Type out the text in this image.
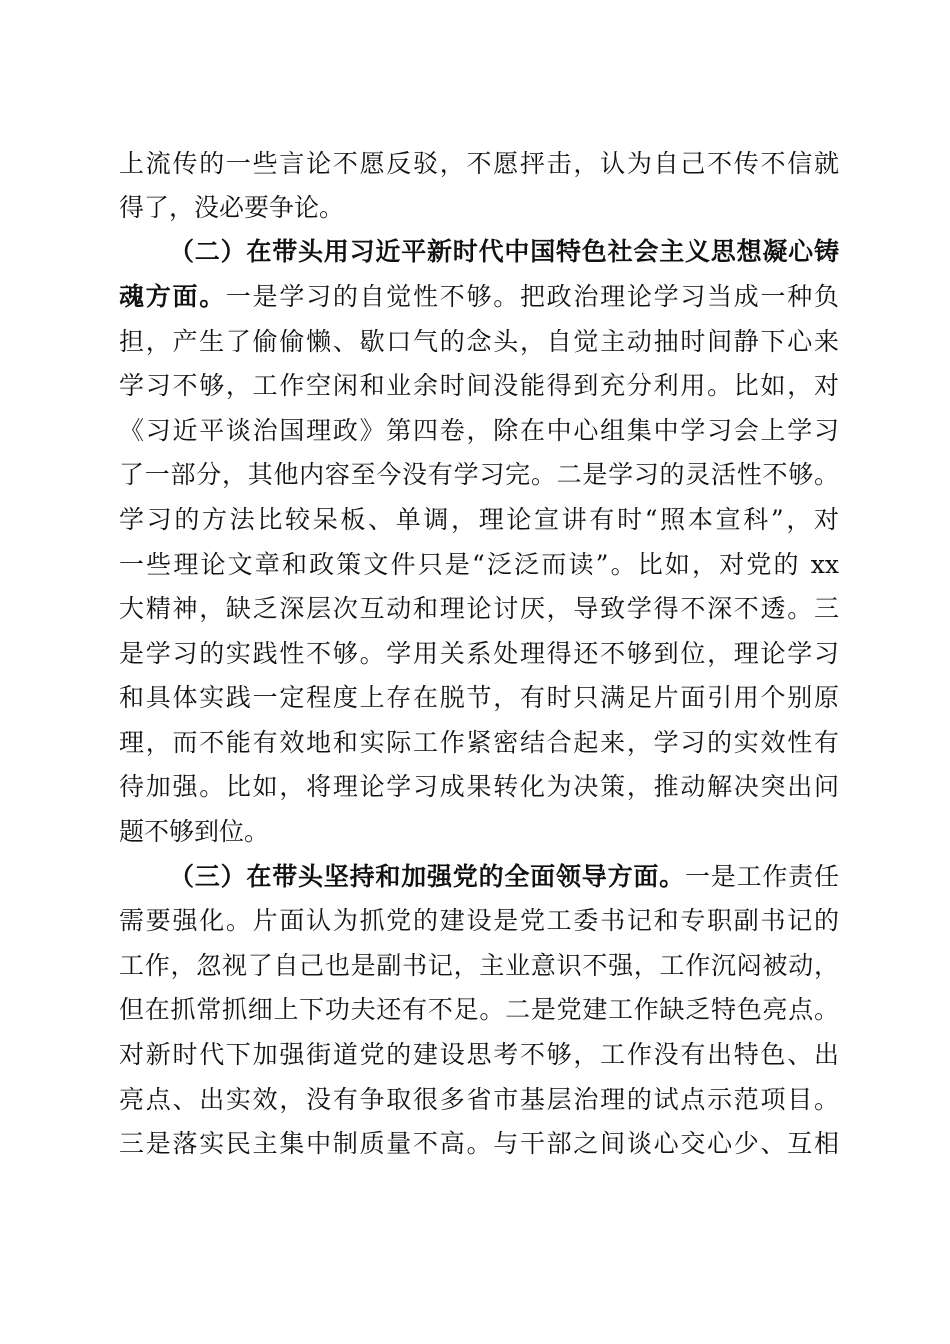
上流传的一些言论不愿反驳，不愿抨击，认为自己不传不信就
得了，没必要争论。
（二）在带头用习近平新时代中国特色社会主义思想凝心铸
魂方面。一是学习的自觉性不够。把政治理论学习当成一种负
担，产生了偷偷懒、歇口气的念头，自觉主动抽时间静下心来
学习不够，工作空闲和业余时间没能得到充分利用。比如，对
《习近平谈治国理政》第四卷，除在中心组集中学习会上学习
了一部分，其他内容至今没有学习完。二是学习的灵活性不够。
学习的方法比较呆板、单调，理论宣讲有时“照本宣科”，对
一些理论文章和政策文件只是“泛泛而读”。比如，对党的 xx
大精神，缺乏深层次互动和理论讨厌，导致学得不深不透。三
是学习的实践性不够。学用关系处理得还不够到位，理论学习
和具体实践一定程度上存在脱节，有时只满足片面引用个别原
理，而不能有效地和实际工作紧密结合起来，学习的实效性有
待加强。比如，将理论学习成果转化为决策，推动解决突出问
题不够到位。
（三）在带头坚持和加强党的全面领导方面。一是工作责任
需要强化。片面认为抓党的建设是党工委书记和专职副书记的
工作，忽视了自己也是副书记，主业意识不强，工作沉闷被动，
但在抓常抓细上下功夫还有不足。二是党建工作缺乏特色亮点。
对新时代下加强街道党的建设思考不够，工作没有出特色、出
亮点、出实效，没有争取很多省市基层治理的试点示范项目。
三是落实民主集中制质量不高。与干部之间谈心交心少、互相
